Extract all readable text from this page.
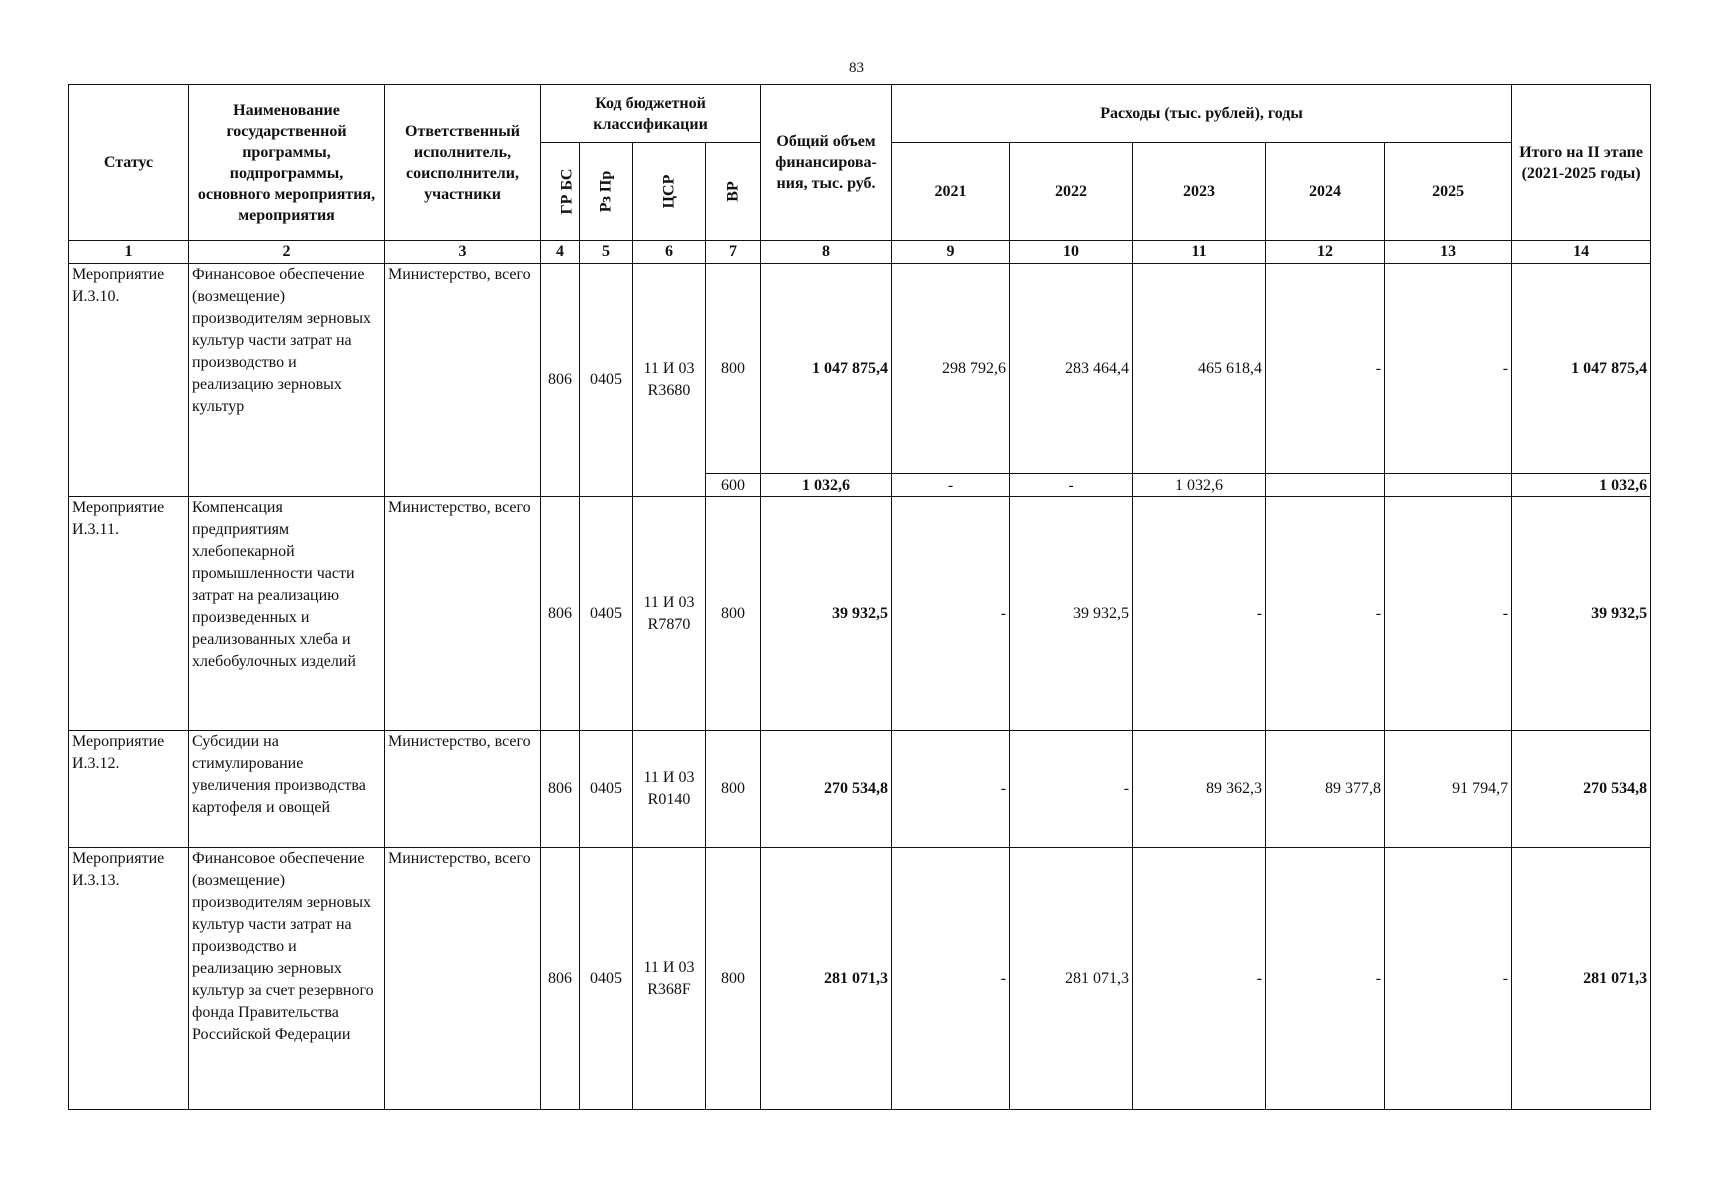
83
Статус	Наименование государственной программы, подпрограммы, основного мероприятия, мероприятия	Ответственный исполнитель, соисполнители, участники	Код бюджетной классификации				Общий объем финансирова-ния, тыс. руб.	Расходы (тыс. рублей), годы					Итого на II этапе (2021-2025 годы)
			ГР БС	Рз Пр	ЦСР	ВР		2021	2022	2023	2024	2025	
1	2	3	4	5	6	7	8	9	10	11	12	13	14
Мероприятие И.3.10.	Финансовое обеспечение (возмещение) производителям зерновых культур части затрат на производство и реализацию зерновых культур	Министерство, всего	806	0405	11 И 03 R3680	800	1 047 875,4	298 792,6	283 464,4	465 618,4	-	-	1 047 875,4
						600	1 032,6	-	-	1 032,6			1 032,6
Мероприятие И.3.11.	Компенсация предприятиям хлебопекарной промышленности части затрат на реализацию произведенных и реализованных хлеба и хлебобулочных изделий	Министерство, всего	806	0405	11 И 03 R7870	800	39 932,5	-	39 932,5	-	-	-	39 932,5
Мероприятие И.3.12.	Субсидии на стимулирование увеличения производства картофеля и овощей	Министерство, всего	806	0405	11 И 03 R0140	800	270 534,8	-	-	89 362,3	89 377,8	91 794,7	270 534,8
Мероприятие И.3.13.	Финансовое обеспечение (возмещение) производителям зерновых культур части затрат на производство и реализацию зерновых культур за счет резервного фонда Правительства Российской Федерации	Министерство, всего	806	0405	11 И 03 R368F	800	281 071,3	-	281 071,3	-	-	-	281 071,3
